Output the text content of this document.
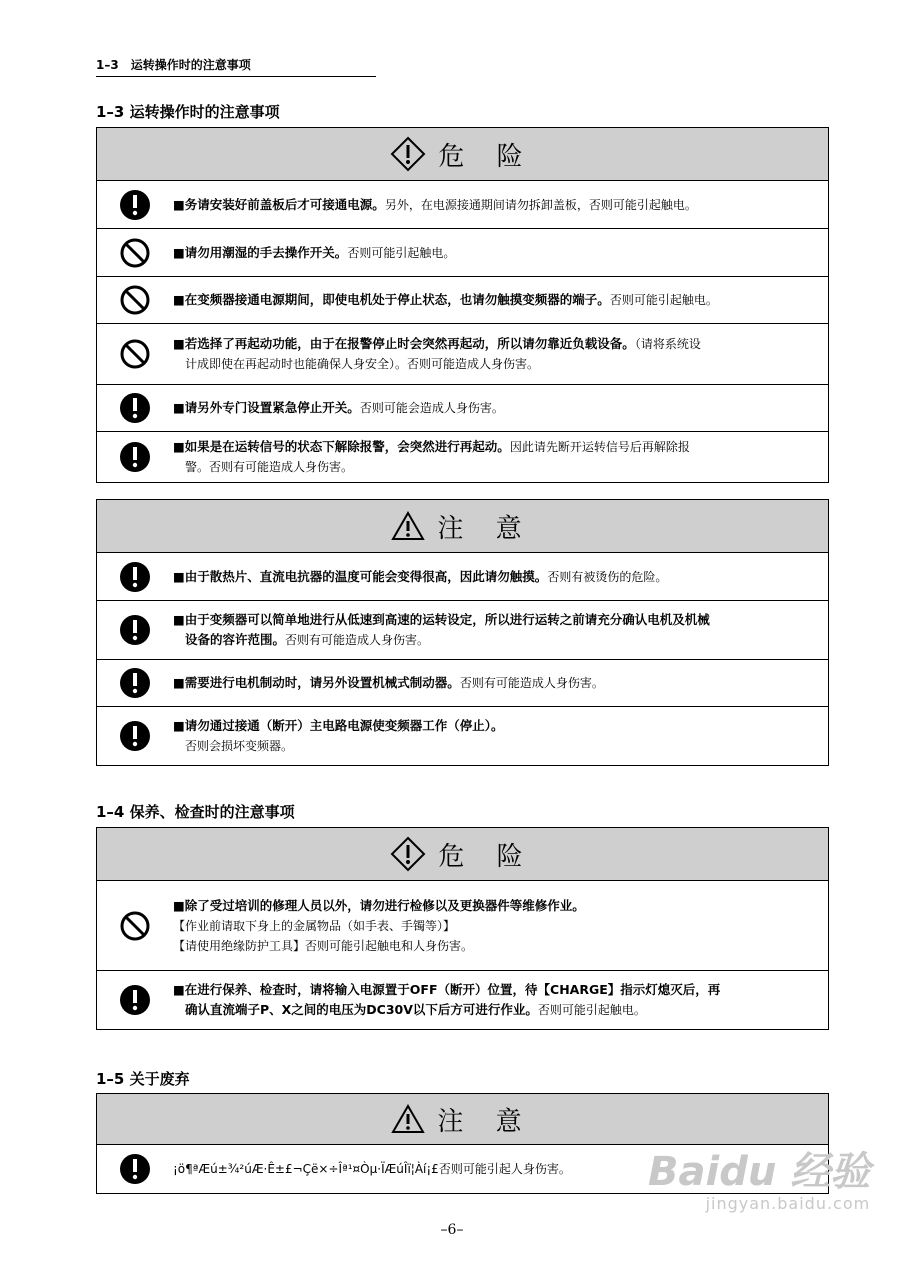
1–3　运转操作时的注意事项
1–3 运转操作时的注意事项
危 险
■务请安装好前盖板后才可接通电源。另外，在电源接通期间请勿拆卸盖板，否则可能引起触电。
■请勿用潮湿的手去操作开关。否则可能引起触电。
■在变频器接通电源期间，即使电机处于停止状态，也请勿触摸变频器的端子。否则可能引起触电。
■若选择了再起动功能，由于在报警停止时会突然再起动，所以请勿靠近负载设备。（请将系统设
计成即使在再起动时也能确保人身安全）。否则可能造成人身伤害。
■请另外专门设置紧急停止开关。否则可能会造成人身伤害。
■如果是在运转信号的状态下解除报警，会突然进行再起动。因此请先断开运转信号后再解除报
警。否则有可能造成人身伤害。
注 意
■由于散热片、直流电抗器的温度可能会变得很高，因此请勿触摸。否则有被烫伤的危险。
■由于变频器可以简单地进行从低速到高速的运转设定，所以进行运转之前请充分确认电机及机械
设备的容许范围。否则有可能造成人身伤害。
■需要进行电机制动时，请另外设置机械式制动器。否则有可能造成人身伤害。
■请勿通过接通（断开）主电路电源使变频器工作（停止）。
否则会损坏变频器。
1–4 保养、检查时的注意事项
危 险
■除了受过培训的修理人员以外，请勿进行检修以及更换器件等维修作业。
【作业前请取下身上的金属物品（如手表、手镯等）】
【请使用绝缘防护工具】否则可能引起触电和人身伤害。
■在进行保养、检查时，请将输入电源置于OFF（断开）位置，待【CHARGE】指示灯熄灭后，再
确认直流端子P、X之间的电压为DC30V以下后方可进行作业。否则可能引起触电。
1–5 关于废弃
注 意
¡ö¶ªÆú±¾²úÆ·Ê±£¬Çë×÷Îª¹¤Òµ·ÏÆúÎï¦Àí¡£否则可能引起人身伤害。	Baidu 经验
jingyan.baidu.com
–6–
